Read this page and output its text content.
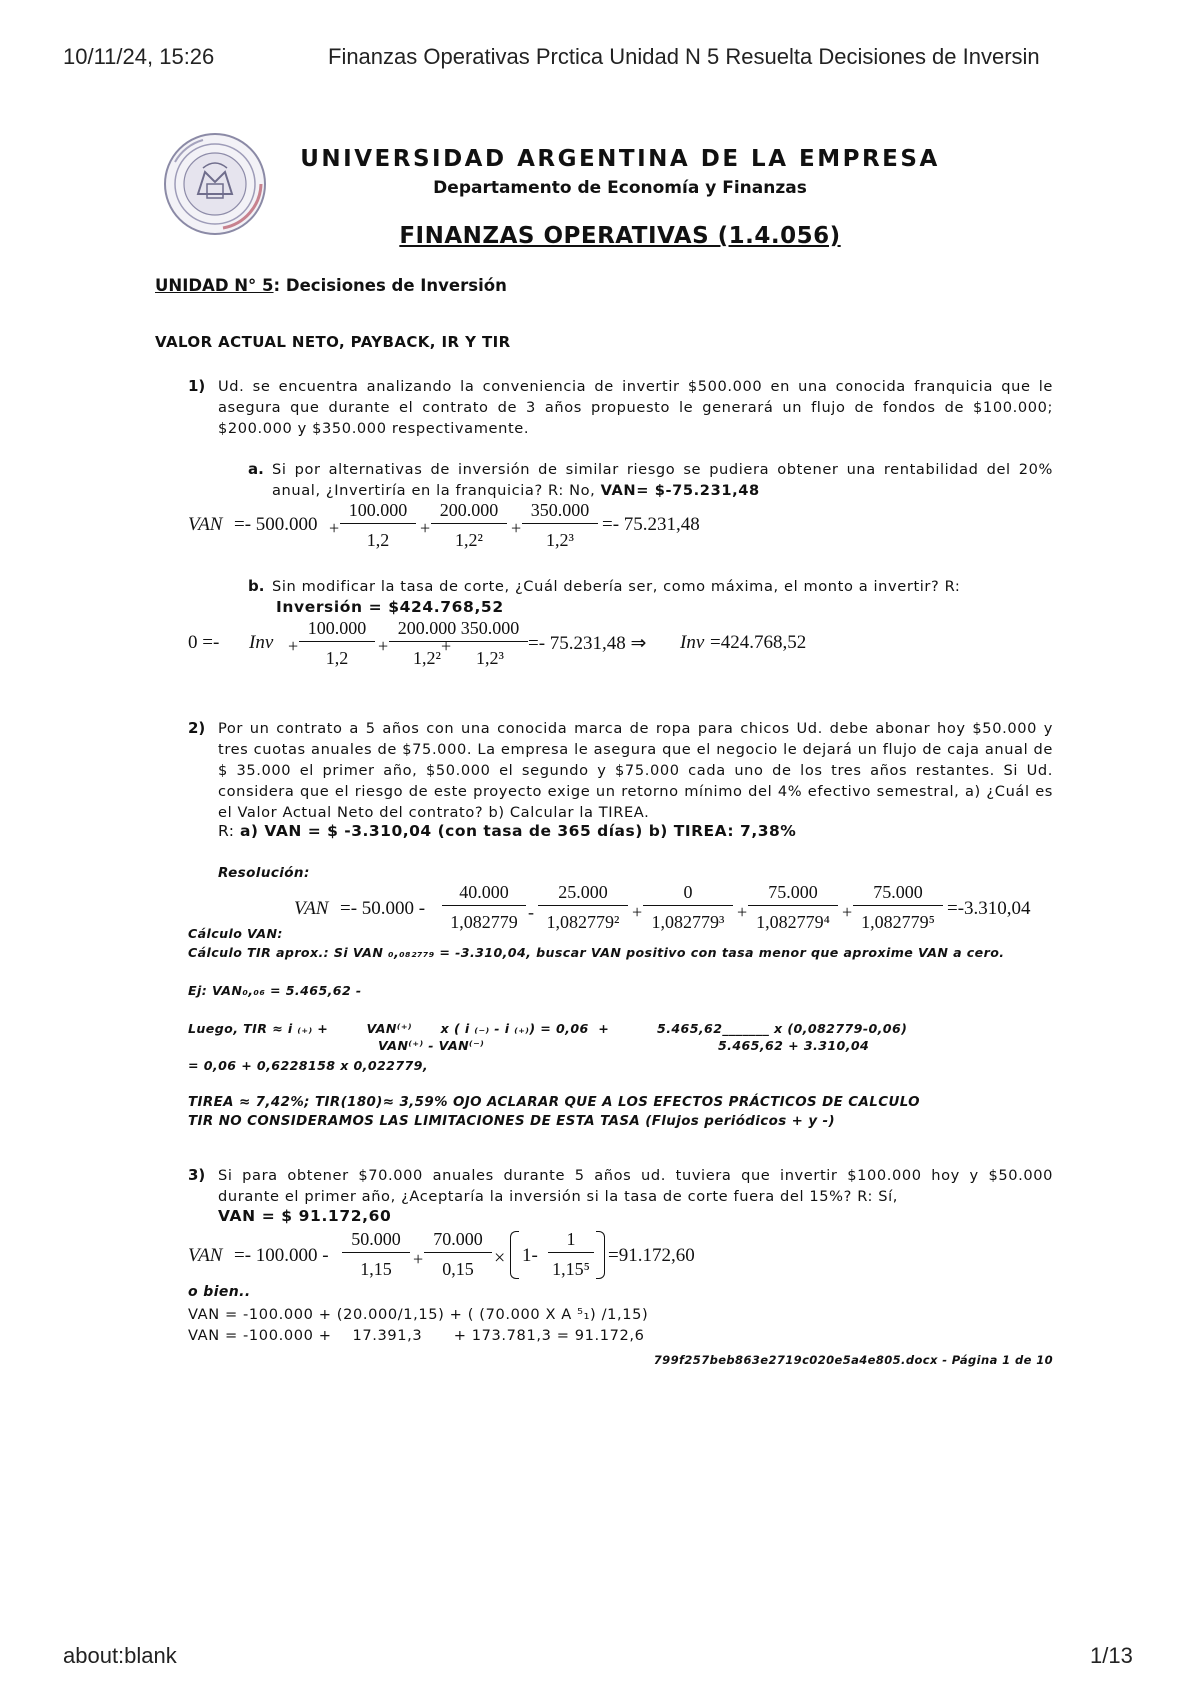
10/11/24, 15:26	Finanzas Operativas Prctica Unidad N 5 Resuelta Decisiones de Inversin
UNIVERSIDAD ARGENTINA DE LA EMPRESA
Departamento de Economía y Finanzas
FINANZAS OPERATIVAS (1.4.056)
UNIDAD N° 5: Decisiones de Inversión
VALOR ACTUAL NETO, PAYBACK, IR Y TIR
1) Ud. se encuentra analizando la conveniencia de invertir $500.000 en una conocida franquicia que le asegura que durante el contrato de 3 años propuesto le generará un flujo de fondos de $100.000; $200.000 y $350.000 respectivamente.
a. Si por alternativas de inversión de similar riesgo se pudiera obtener una rentabilidad del 20% anual, ¿Invertiría en la franquicia? R: No, VAN= $-75.231,48
VAN =- $500.000 + \frac{100.000}{1,2} + \frac{200.000}{\text{1,2²}} + \frac{350.000}{\text{1,2³}} =- 75.231,48$
b. Sin modificar la tasa de corte, ¿Cuál debería ser, como máxima, el monto a invertir? R:
Inversión = $424.768,52
0 =- Inv + $\frac{100.000}{1,2} + \frac{200.000}{\text{1,2²}}$
+ $\frac{350.000}{\text{1,2³}} =- 75.231,48$ ⇒ Inv =424.768,52
2) Por un contrato a 5 años con una conocida marca de ropa para chicos Ud. debe abonar hoy $50.000 y tres cuotas anuales de $75.000. La empresa le asegura que el negocio le dejará un flujo de caja anual de $ 35.000 el primer año, $50.000 el segundo y $75.000 cada uno de los tres años restantes. Si Ud. considera que el riesgo de este proyecto exige un retorno mínimo del 4% efectivo semestral, a) ¿Cuál es el Valor Actual Neto del contrato? b) Calcular la TIREA.
R: a) VAN = $ -3.310,04 (con tasa de 365 días) b) TIREA: 7,38%
Resolución:
VAN =- $50.000 - \frac{40.000}{1,082779} - \frac{25.000}{\text{1,082779²}} + \frac{0}{\text{1,082779³}} + \frac{75.000}{\text{1,082779⁴}} + \frac{75.000}{\text{1,082779⁵}} =-3.310,04$
Cálculo VAN:
Cálculo TIR aprox.: Si VAN ₀,₀₈₂₇₇₉ = -3.310,04, buscar VAN positivo con tasa menor que aproxime VAN a cero.
Ej: VAN₀,₀₆ = 5.465,62 -
Luego, TIR ≈ i ₍₊₎ +        VAN⁽⁺⁾      x ( i ₍₋₎ - i ₍₊₎) = 0,06  +          5.465,62_______ x (0,082779-0,06)
VAN⁽⁺⁾ - VAN⁽⁻⁾	5.465,62 + 3.310,04
= 0,06 + 0,6228158 x 0,022779,
TIREA ≈ 7,42%; TIR(180)≈ 3,59% OJO ACLARAR QUE A LOS EFECTOS PRÁCTICOS DE CALCULO
TIR NO CONSIDERAMOS LAS LIMITACIONES DE ESTA TASA (Flujos periódicos + y -)
3) Si para obtener $70.000 anuales durante 5 años ud. tuviera que invertir $100.000 hoy y $50.000 durante el primer año, ¿Aceptaría la inversión si la tasa de corte fuera del 15%? R: Sí,
VAN = $ 91.172,60
VAN =- $100.000 - \frac{50.000}{1,15} + \frac{70.000}{0,15} \times 1- \frac{1}{\text{1,15⁵}} =91.172,60$
o bien..
VAN = -100.000 + (20.000/1,15) + ( (70.000 X A ⁵₁) /1,15)
VAN = -100.000 +    17.391,3      + 173.781,3 = 91.172,6
799f257beb863e2719c020e5a4e805.docx - Página 1 de 10
about:blank	1/13
